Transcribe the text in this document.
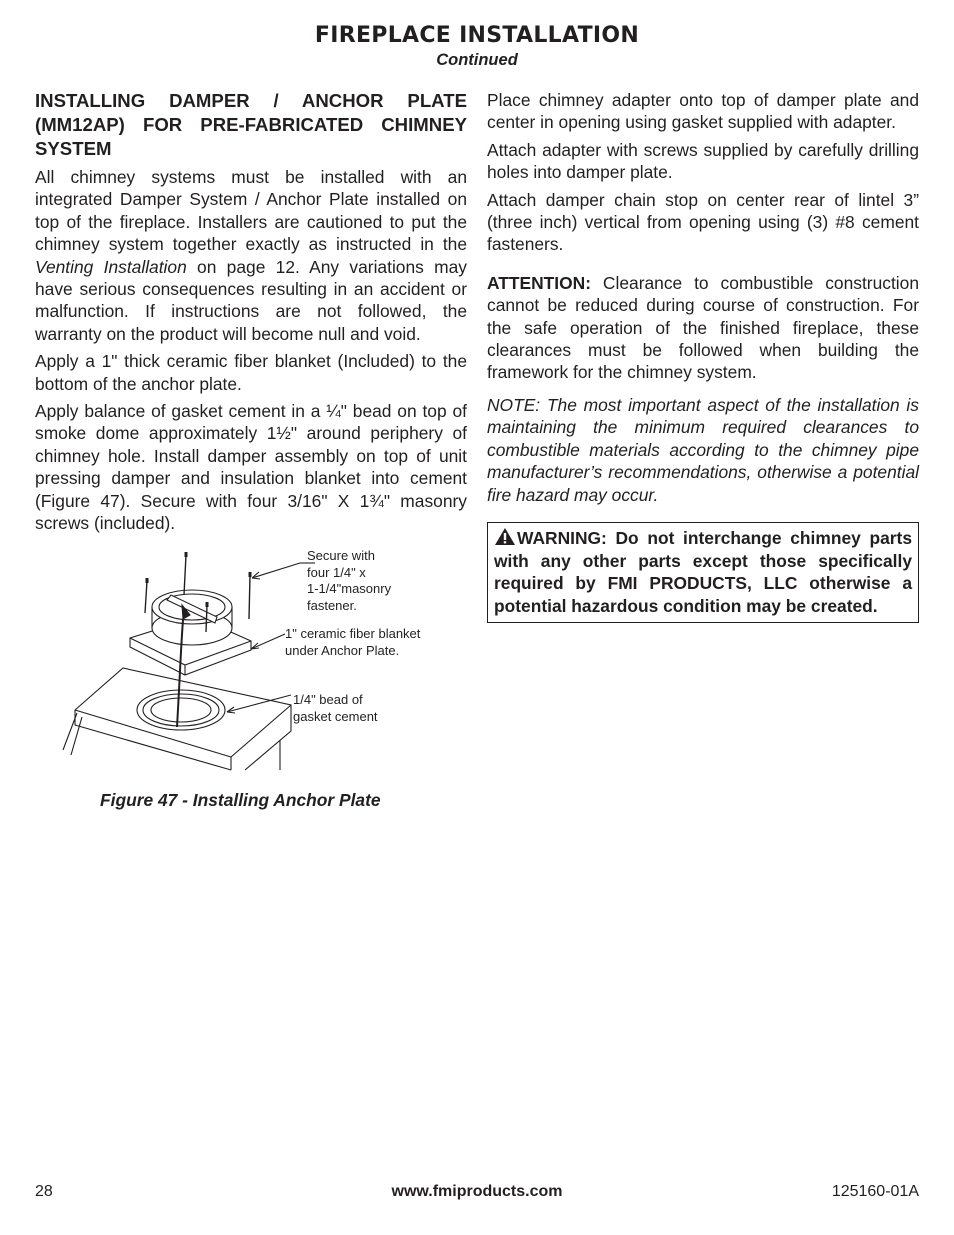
FIREPLACE INSTALLATION
Continued
INSTALLING DAMPER / ANCHOR PLATE (MM12AP) FOR PRE-FABRICATED CHIMNEY SYSTEM

All chimney systems must be installed with an integrated Damper System / Anchor Plate installed on top of the fireplace. Installers are cautioned to put the chimney system together exactly as instructed in the Venting Installation on page 12. Any variations may have serious consequences resulting in an accident or malfunction. If instructions are not followed, the warranty on the product will become null and void.

Apply a 1" thick ceramic fiber blanket (Included) to the bottom of the anchor plate.

Apply balance of gasket cement in a ¼" bead on top of smoke dome approximately 1½" around periphery of chimney hole. Install damper assembly on top of unit pressing damper and insulation blanket into cement (Figure 47). Secure with four 3/16" X 1¾" masonry screws (included).

Secure with
four 1/4" x
1-1/4"masonry
fastener.
1" ceramic fiber blanket
under Anchor Plate.
1/4" bead of
gasket cement
Figure 47 - Installing Anchor Plate

Place chimney adapter onto top of damper plate and center in opening using gasket supplied with adapter.

Attach adapter with screws supplied by carefully drilling holes into damper plate.

Attach damper chain stop on center rear of lintel 3” (three inch) vertical from opening using (3) #8 cement fasteners.

ATTENTION: Clearance to combustible construction cannot be reduced during course of construction. For the safe operation of the finished fireplace, these clearances must be followed when building the framework for the chimney system.

NOTE: The most important aspect of the installation is maintaining the minimum required clearances to combustible materials according to the chimney pipe manufacturer’s recommendations, otherwise a potential fire hazard may occur.

WARNING: Do not interchange chimney parts with any other parts except those specifically required by FMI PRODUCTS, LLC otherwise a potential hazardous condition may be created.
28	www.fmiproducts.com	125160-01A
